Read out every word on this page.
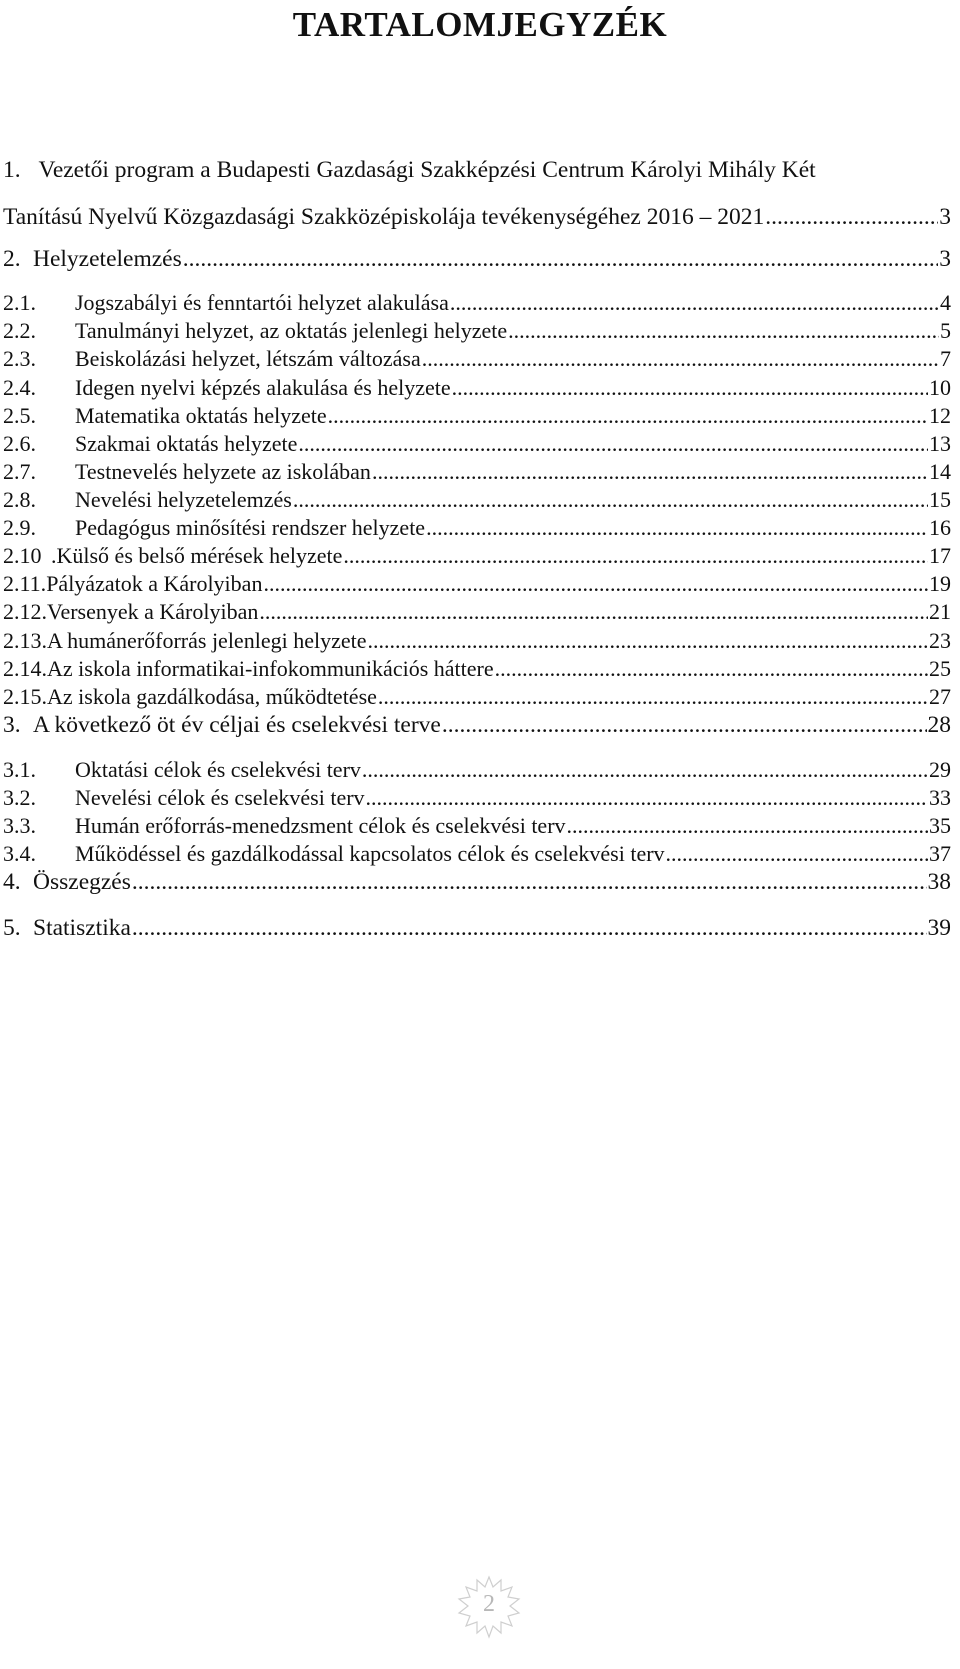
TARTALOMJEGYZÉK
1. Vezetői program a Budapesti Gazdasági Szakképzési Centrum Károlyi Mihály Két
Tanítású Nyelvű Közgazdasági Szakközépiskolája tevékenységéhez 2016 – 2021 .....	3
2. Helyzetelemzés .....	3
2.1.	Jogszabályi és fenntartói helyzet alakulása .....	4
2.2.	Tanulmányi helyzet, az oktatás jelenlegi helyzete .....	5
2.3.	Beiskolázási helyzet, létszám változása .....	7
2.4.	Idegen nyelvi képzés alakulása és helyzete .....	10
2.5.	Matematika oktatás helyzete .....	12
2.6.	Szakmai oktatás helyzete .....	13
2.7.	Testnevelés helyzete az iskolában .....	14
2.8.	Nevelési helyzetelemzés .....	15
2.9.	Pedagógus minősítési rendszer helyzete .....	16
2.10 .Külső és belső mérések helyzete .....	17
2.11. Pályázatok a Károlyiban .....	19
2.12. Versenyek a Károlyiban .....	21
2.13. A humánerőforrás jelenlegi helyzete .....	23
2.14. Az iskola informatikai-infokommunikációs háttere .....	25
2.15. Az iskola gazdálkodása, működtetése .....	27
3. A következő öt év céljai és cselekvési terve .....	28
3.1.	Oktatási célok és cselekvési terv .....	29
3.2.	Nevelési célok és cselekvési terv .....	33
3.3.	Humán erőforrás-menedzsment célok és cselekvési terv .....	35
3.4.	Működéssel és gazdálkodással kapcsolatos célok és cselekvési terv .....	37
4. Összegzés .....	38
5. Statisztika .....	39
2
